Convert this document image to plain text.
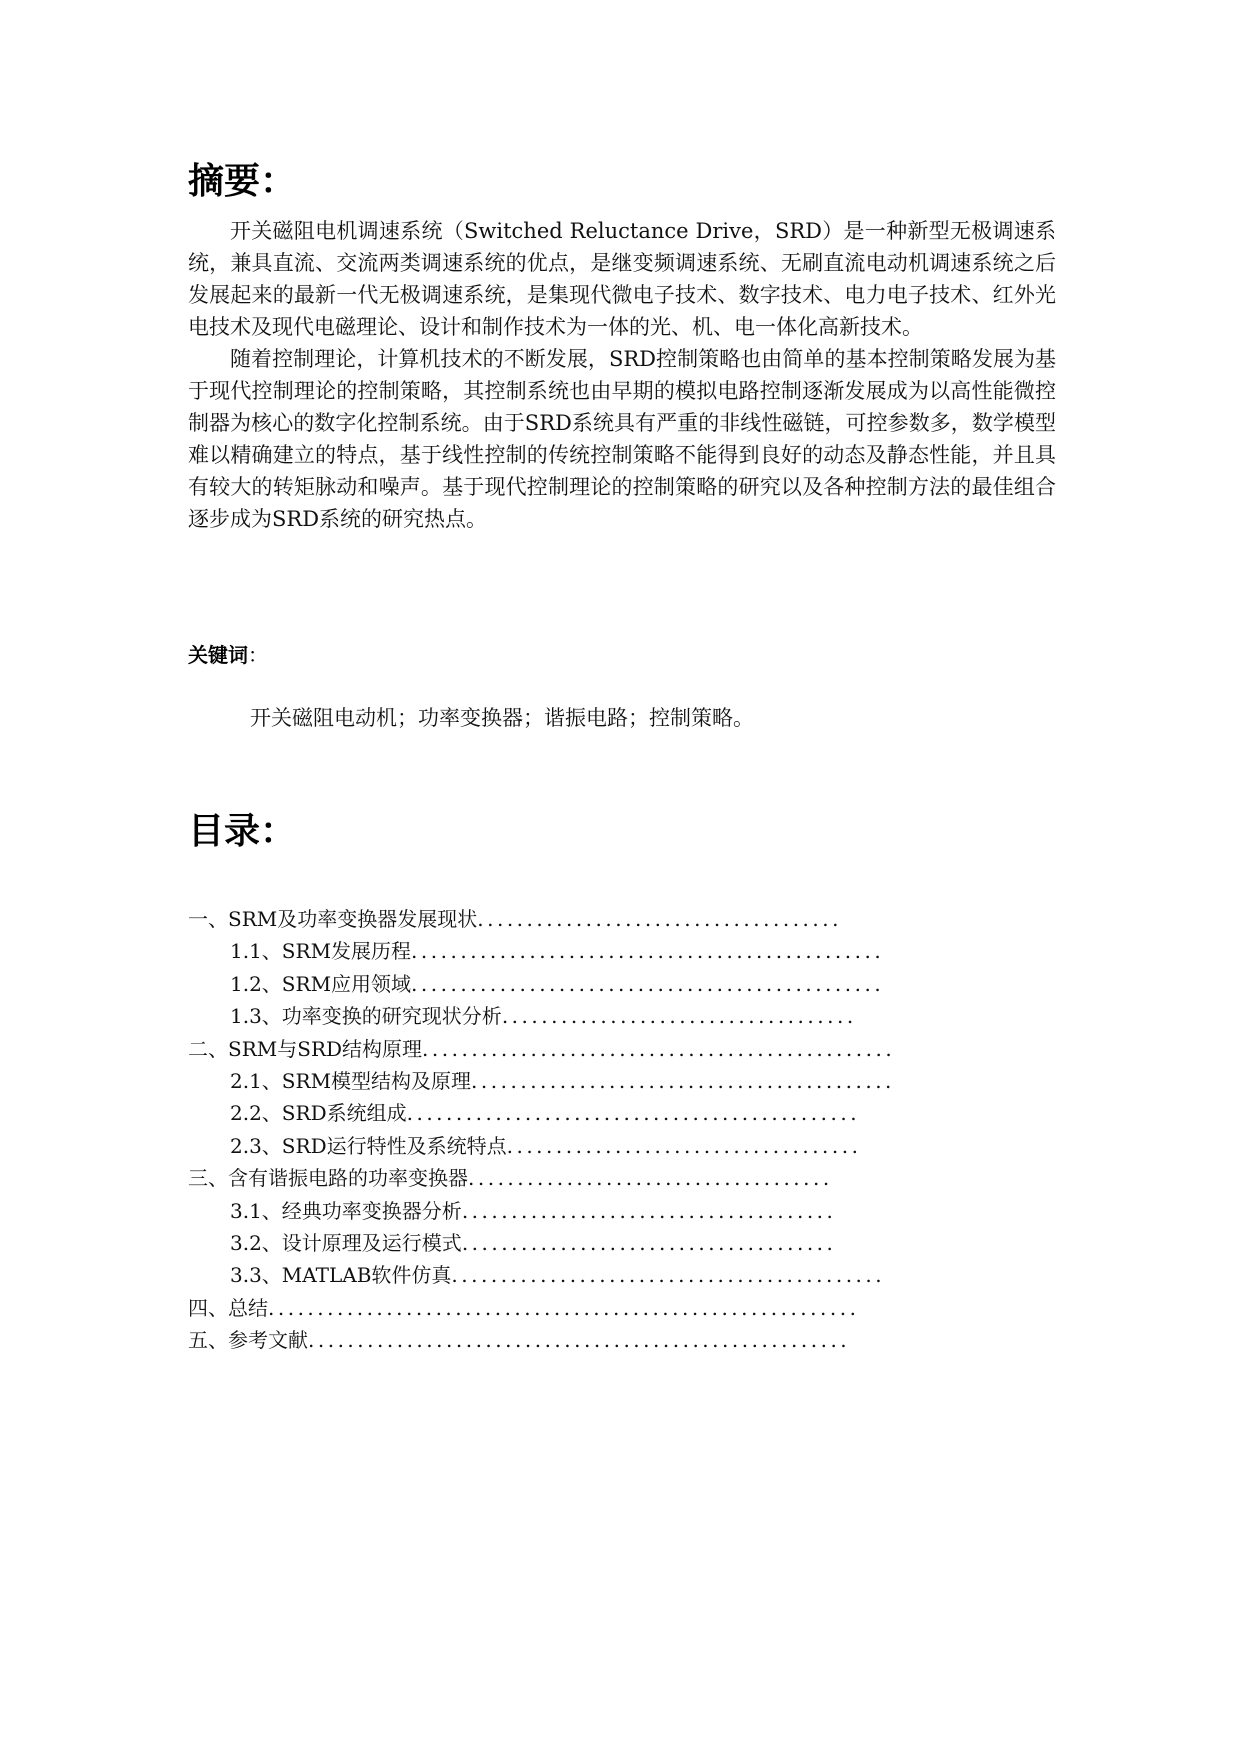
摘要：

开关磁阻电机调速系统（Switched Reluctance Drive，SRD）是一种新型无极调速系统，兼具直流、交流两类调速系统的优点，是继变频调速系统、无刷直流电动机调速系统之后发展起来的最新一代无极调速系统，是集现代微电子技术、数字技术、电力电子技术、红外光电技术及现代电磁理论、设计和制作技术为一体的光、机、电一体化高新技术。

随着控制理论，计算机技术的不断发展，SRD控制策略也由简单的基本控制策略发展为基于现代控制理论的控制策略，其控制系统也由早期的模拟电路控制逐渐发展成为以高性能微控制器为核心的数字化控制系统。由于SRD系统具有严重的非线性磁链，可控参数多，数学模型难以精确建立的特点，基于线性控制的传统控制策略不能得到良好的动态及静态性能，并且具有较大的转矩脉动和噪声。基于现代控制理论的控制策略的研究以及各种控制方法的最佳组合逐步成为SRD系统的研究热点。

关键词：
开关磁阻电动机；功率变换器；谐振电路；控制策略。
目录：
一、SRM及功率变换器发展现状.....................................
1.1、SRM发展历程................................................
1.2、SRM应用领域................................................
1.3、功率变换的研究现状分析....................................
二、SRM与SRD结构原理................................................
2.1、SRM模型结构及原理...........................................
2.2、SRD系统组成..............................................
2.3、SRD运行特性及系统特点....................................
三、含有谐振电路的功率变换器.....................................
3.1、经典功率变换器分析......................................
3.2、设计原理及运行模式......................................
3.3、MATLAB软件仿真............................................
四、总结............................................................
五、参考文献.......................................................
